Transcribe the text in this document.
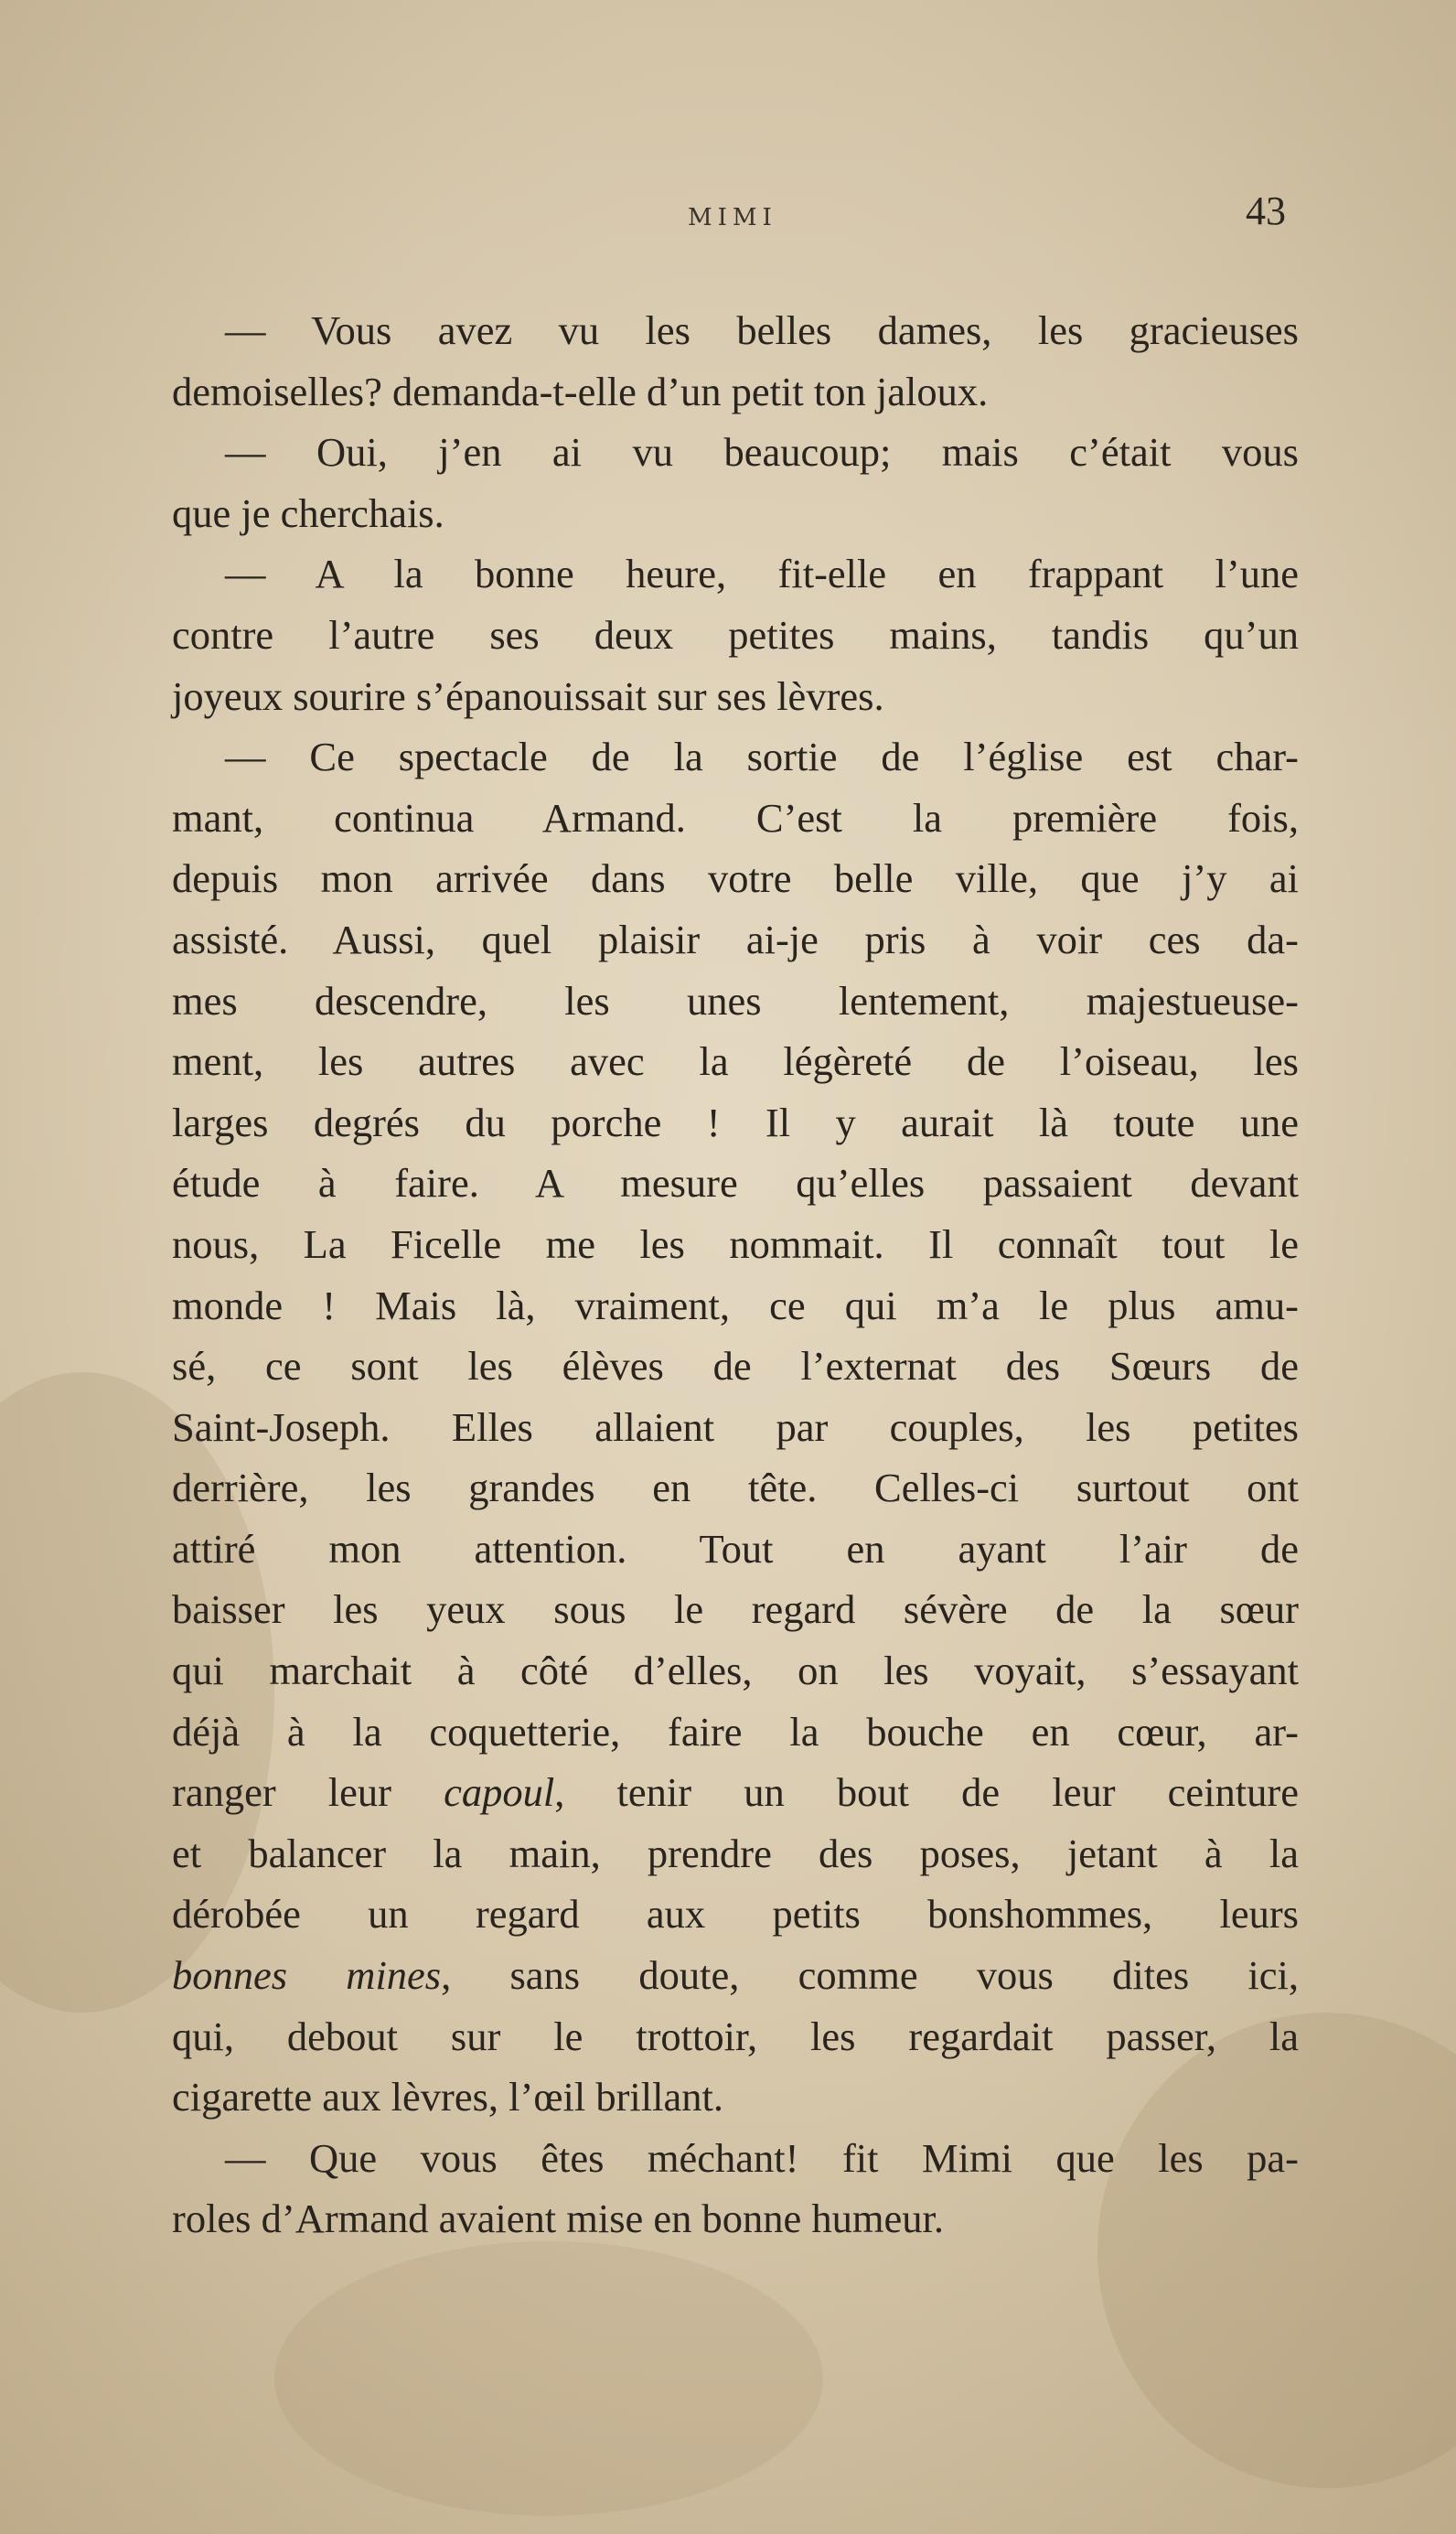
MIMI	43
— Vous avez vu les belles dames, les gracieuses
demoiselles? demanda-t-elle d’un petit ton jaloux.
— Oui, j’en ai vu beaucoup; mais c’était vous
que je cherchais.
— A la bonne heure, fit-elle en frappant l’une
contre l’autre ses deux petites mains, tandis qu’un
joyeux sourire s’épanouissait sur ses lèvres.
— Ce spectacle de la sortie de l’église est char-
mant, continua Armand. C’est la première fois,
depuis mon arrivée dans votre belle ville, que j’y ai
assisté. Aussi, quel plaisir ai-je pris à voir ces da-
mes descendre, les unes lentement, majestueuse-
ment, les autres avec la légèreté de l’oiseau, les
larges degrés du porche ! Il y aurait là toute une
étude à faire. A mesure qu’elles passaient devant
nous, La Ficelle me les nommait. Il connaît tout le
monde ! Mais là, vraiment, ce qui m’a le plus amu-
sé, ce sont les élèves de l’externat des Sœurs de
Saint-Joseph. Elles allaient par couples, les petites
derrière, les grandes en tête. Celles-ci surtout ont
attiré mon attention. Tout en ayant l’air de
baisser les yeux sous le regard sévère de la sœur
qui marchait à côté d’elles, on les voyait, s’essayant
déjà à la coquetterie, faire la bouche en cœur, ar-
ranger leur capoul, tenir un bout de leur ceinture
et balancer la main, prendre des poses, jetant à la
dérobée un regard aux petits bonshommes, leurs
bonnes mines, sans doute, comme vous dites ici,
qui, debout sur le trottoir, les regardait passer, la
cigarette aux lèvres, l’œil brillant.
— Que vous êtes méchant! fit Mimi que les pa-
roles d’Armand avaient mise en bonne humeur.
